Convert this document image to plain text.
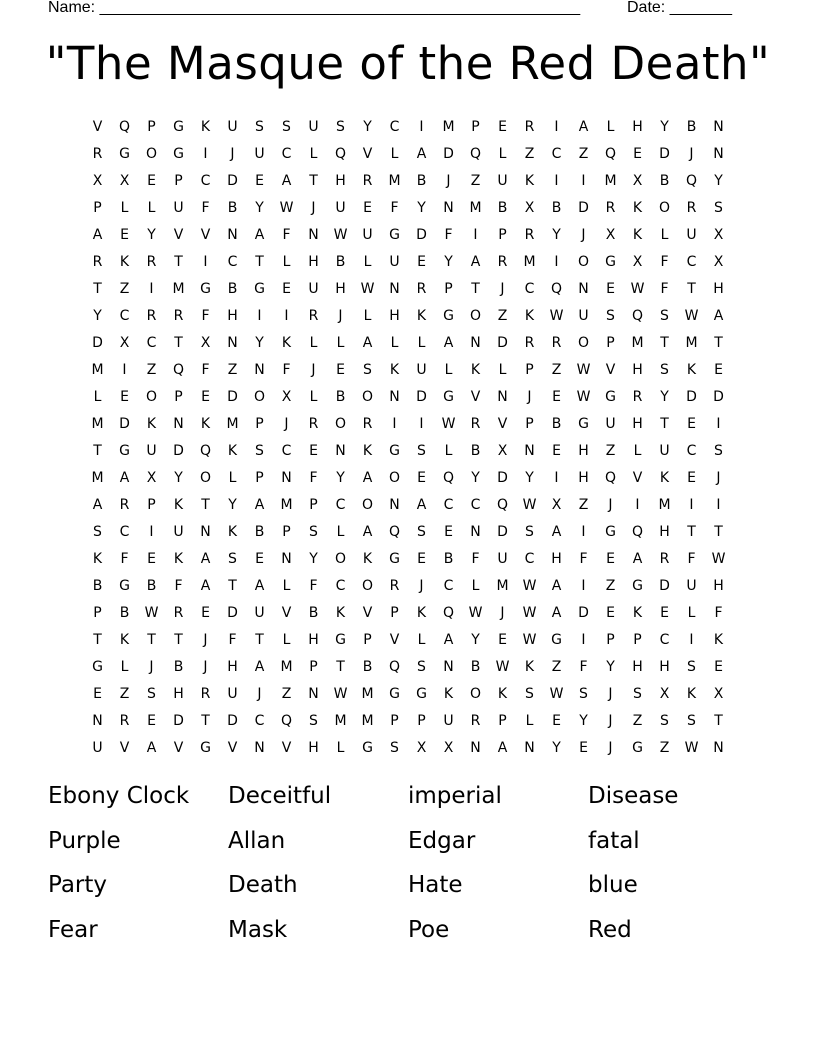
Name: ______________________________________________________	Date: _______
"The Masque of the Red Death"
V	Q	P	G	K	U	S	S	U	S	Y	C	I	M	P	E	R	I	A	L	H	Y	B	N
R	G	O	G	I	J	U	C	L	Q	V	L	A	D	Q	L	Z	C	Z	Q	E	D	J	N
X	X	E	P	C	D	E	A	T	H	R	M	B	J	Z	U	K	I	I	M	X	B	Q	Y
P	L	L	U	F	B	Y	W	J	U	E	F	Y	N	M	B	X	B	D	R	K	O	R	S
A	E	Y	V	V	N	A	F	N	W	U	G	D	F	I	P	R	Y	J	X	K	L	U	X
R	K	R	T	I	C	T	L	H	B	L	U	E	Y	A	R	M	I	O	G	X	F	C	X
T	Z	I	M	G	B	G	E	U	H	W	N	R	P	T	J	C	Q	N	E	W	F	T	H
Y	C	R	R	F	H	I	I	R	J	L	H	K	G	O	Z	K	W	U	S	Q	S	W	A
D	X	C	T	X	N	Y	K	L	L	A	L	L	A	N	D	R	R	O	P	M	T	M	T
M	I	Z	Q	F	Z	N	F	J	E	S	K	U	L	K	L	P	Z	W	V	H	S	K	E
L	E	O	P	E	D	O	X	L	B	O	N	D	G	V	N	J	E	W	G	R	Y	D	D
M	D	K	N	K	M	P	J	R	O	R	I	I	W	R	V	P	B	G	U	H	T	E	I
T	G	U	D	Q	K	S	C	E	N	K	G	S	L	B	X	N	E	H	Z	L	U	C	S
M	A	X	Y	O	L	P	N	F	Y	A	O	E	Q	Y	D	Y	I	H	Q	V	K	E	J
A	R	P	K	T	Y	A	M	P	C	O	N	A	C	C	Q	W	X	Z	J	I	M	I	I
S	C	I	U	N	K	B	P	S	L	A	Q	S	E	N	D	S	A	I	G	Q	H	T	T
K	F	E	K	A	S	E	N	Y	O	K	G	E	B	F	U	C	H	F	E	A	R	F	W
B	G	B	F	A	T	A	L	F	C	O	R	J	C	L	M	W	A	I	Z	G	D	U	H
P	B	W	R	E	D	U	V	B	K	V	P	K	Q	W	J	W	A	D	E	K	E	L	F
T	K	T	T	J	F	T	L	H	G	P	V	L	A	Y	E	W	G	I	P	P	C	I	K
G	L	J	B	J	H	A	M	P	T	B	Q	S	N	B	W	K	Z	F	Y	H	H	S	E
E	Z	S	H	R	U	J	Z	N	W	M	G	G	K	O	K	S	W	S	J	S	X	K	X
N	R	E	D	T	D	C	Q	S	M	M	P	P	U	R	P	L	E	Y	J	Z	S	S	T
U	V	A	V	G	V	N	V	H	L	G	S	X	X	N	A	N	Y	E	J	G	Z	W	N
Ebony Clock	Deceitful	imperial	Disease
Purple	Allan	Edgar	fatal
Party	Death	Hate	blue
Fear	Mask	Poe	Red
